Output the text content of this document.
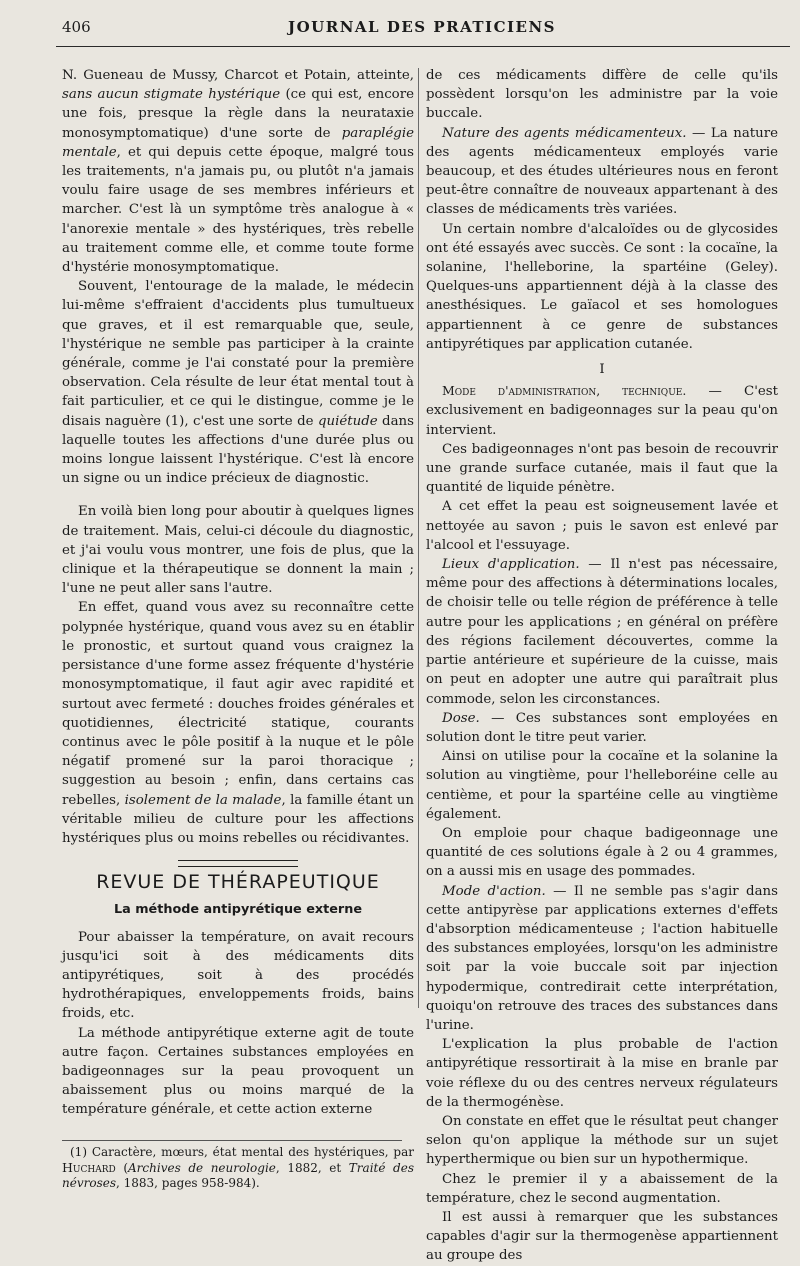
406	JOURNAL DES PRATICIENS

N. Gueneau de Mussy, Charcot et Potain, atteinte, sans aucun stigmate hystérique (ce qui est, encore une fois, presque la règle dans la neurataxie monosymptomatique) d'une sorte de paraplégie mentale, et qui depuis cette époque, malgré tous les traitements, n'a jamais pu, ou plutôt n'a jamais voulu faire usage de ses membres inférieurs et marcher. C'est là un symptôme très analogue à « l'anorexie mentale » des hystériques, très rebelle au traitement comme elle, et comme toute forme d'hystérie monosymptomatique.

Souvent, l'entourage de la malade, le médecin lui-même s'effraient d'accidents plus tumultueux que graves, et il est remarquable que, seule, l'hystérique ne semble pas participer à la crainte générale, comme je l'ai constaté pour la première observation. Cela résulte de leur état mental tout à fait particulier, et ce qui le distingue, comme je le disais naguère (1), c'est une sorte de quiétude dans laquelle toutes les affections d'une durée plus ou moins longue laissent l'hystérique. C'est là encore un signe ou un indice précieux de diagnostic.

En voilà bien long pour aboutir à quelques lignes de traitement. Mais, celui-ci découle du diagnostic, et j'ai voulu vous montrer, une fois de plus, que la clinique et la thérapeutique se donnent la main ; l'une ne peut aller sans l'autre.

En effet, quand vous avez su reconnaître cette polypnée hystérique, quand vous avez su en établir le pronostic, et surtout quand vous craignez la persistance d'une forme assez fréquente d'hystérie monosymptomatique, il faut agir avec rapidité et surtout avec fermeté : douches froides générales et quotidiennes, électricité statique, courants continus avec le pôle positif à la nuque et le pôle négatif promené sur la paroi thoracique ; suggestion au besoin ; enfin, dans certains cas rebelles, isolement de la malade, la famille étant un véritable milieu de culture pour les affections hystériques plus ou moins rebelles ou récidivantes.

REVUE DE THÉRAPEUTIQUE
La méthode antipyrétique externe

Pour abaisser la température, on avait recours jusqu'ici soit à des médicaments dits antipyrétiques, soit à des procédés hydrothérapiques, enveloppements froids, bains froids, etc.

La méthode antipyrétique externe agit de toute autre façon. Certaines substances employées en badigeonnages sur la peau provoquent un abaissement plus ou moins marqué de la température générale, et cette action externe

(1) Caractère, mœurs, état mental des hystériques, par Huchard (Archives de neurologie, 1882, et Traité des névroses, 1883, pages 958-984).

de ces médicaments diffère de celle qu'ils possèdent lorsqu'on les administre par la voie buccale.

Nature des agents médicamenteux. — La nature des agents médicamenteux employés varie beaucoup, et des études ultérieures nous en feront peut-être connaître de nouveaux appartenant à des classes de médicaments très variées.

Un certain nombre d'alcaloïdes ou de glycosides ont été essayés avec succès. Ce sont : la cocaïne, la solanine, l'helleborine, la spartéine (Geley). Quelques-uns appartiennent déjà à la classe des anesthésiques. Le gaïacol et ses homologues appartiennent à ce genre de substances antipyrétiques par application cutanée.

I

Mode d'administration, technique. — C'est exclusivement en badigeonnages sur la peau qu'on intervient.

Ces badigeonnages n'ont pas besoin de recouvrir une grande surface cutanée, mais il faut que la quantité de liquide pénètre.

A cet effet la peau est soigneusement lavée et nettoyée au savon ; puis le savon est enlevé par l'alcool et l'essuyage.

Lieux d'application. — Il n'est pas nécessaire, même pour des affections à déterminations locales, de choisir telle ou telle région de préférence à telle autre pour les applications ; en général on préfère des régions facilement découvertes, comme la partie antérieure et supérieure de la cuisse, mais on peut en adopter une autre qui paraîtrait plus commode, selon les circonstances.

Dose. — Ces substances sont employées en solution dont le titre peut varier.

Ainsi on utilise pour la cocaïne et la solanine la solution au vingtième, pour l'helleboréine celle au centième, et pour la spartéine celle au vingtième également.

On emploie pour chaque badigeonnage une quantité de ces solutions égale à 2 ou 4 grammes, on a aussi mis en usage des pommades.

Mode d'action. — Il ne semble pas s'agir dans cette antipyrèse par applications externes d'effets d'absorption médicamenteuse ; l'action habituelle des substances employées, lorsqu'on les administre soit par la voie buccale soit par injection hypodermique, contredirait cette interprétation, quoiqu'on retrouve des traces des substances dans l'urine.

L'explication la plus probable de l'action antipyrétique ressortirait à la mise en branle par voie réflexe du ou des centres nerveux régulateurs de la thermogénèse.

On constate en effet que le résultat peut changer selon qu'on applique la méthode sur un sujet hyperthermique ou bien sur un hypothermique.

Chez le premier il y a abaissement de la température, chez le second augmentation.

Il est aussi à remarquer que les substances capables d'agir sur la thermogenèse appartiennent au groupe des
